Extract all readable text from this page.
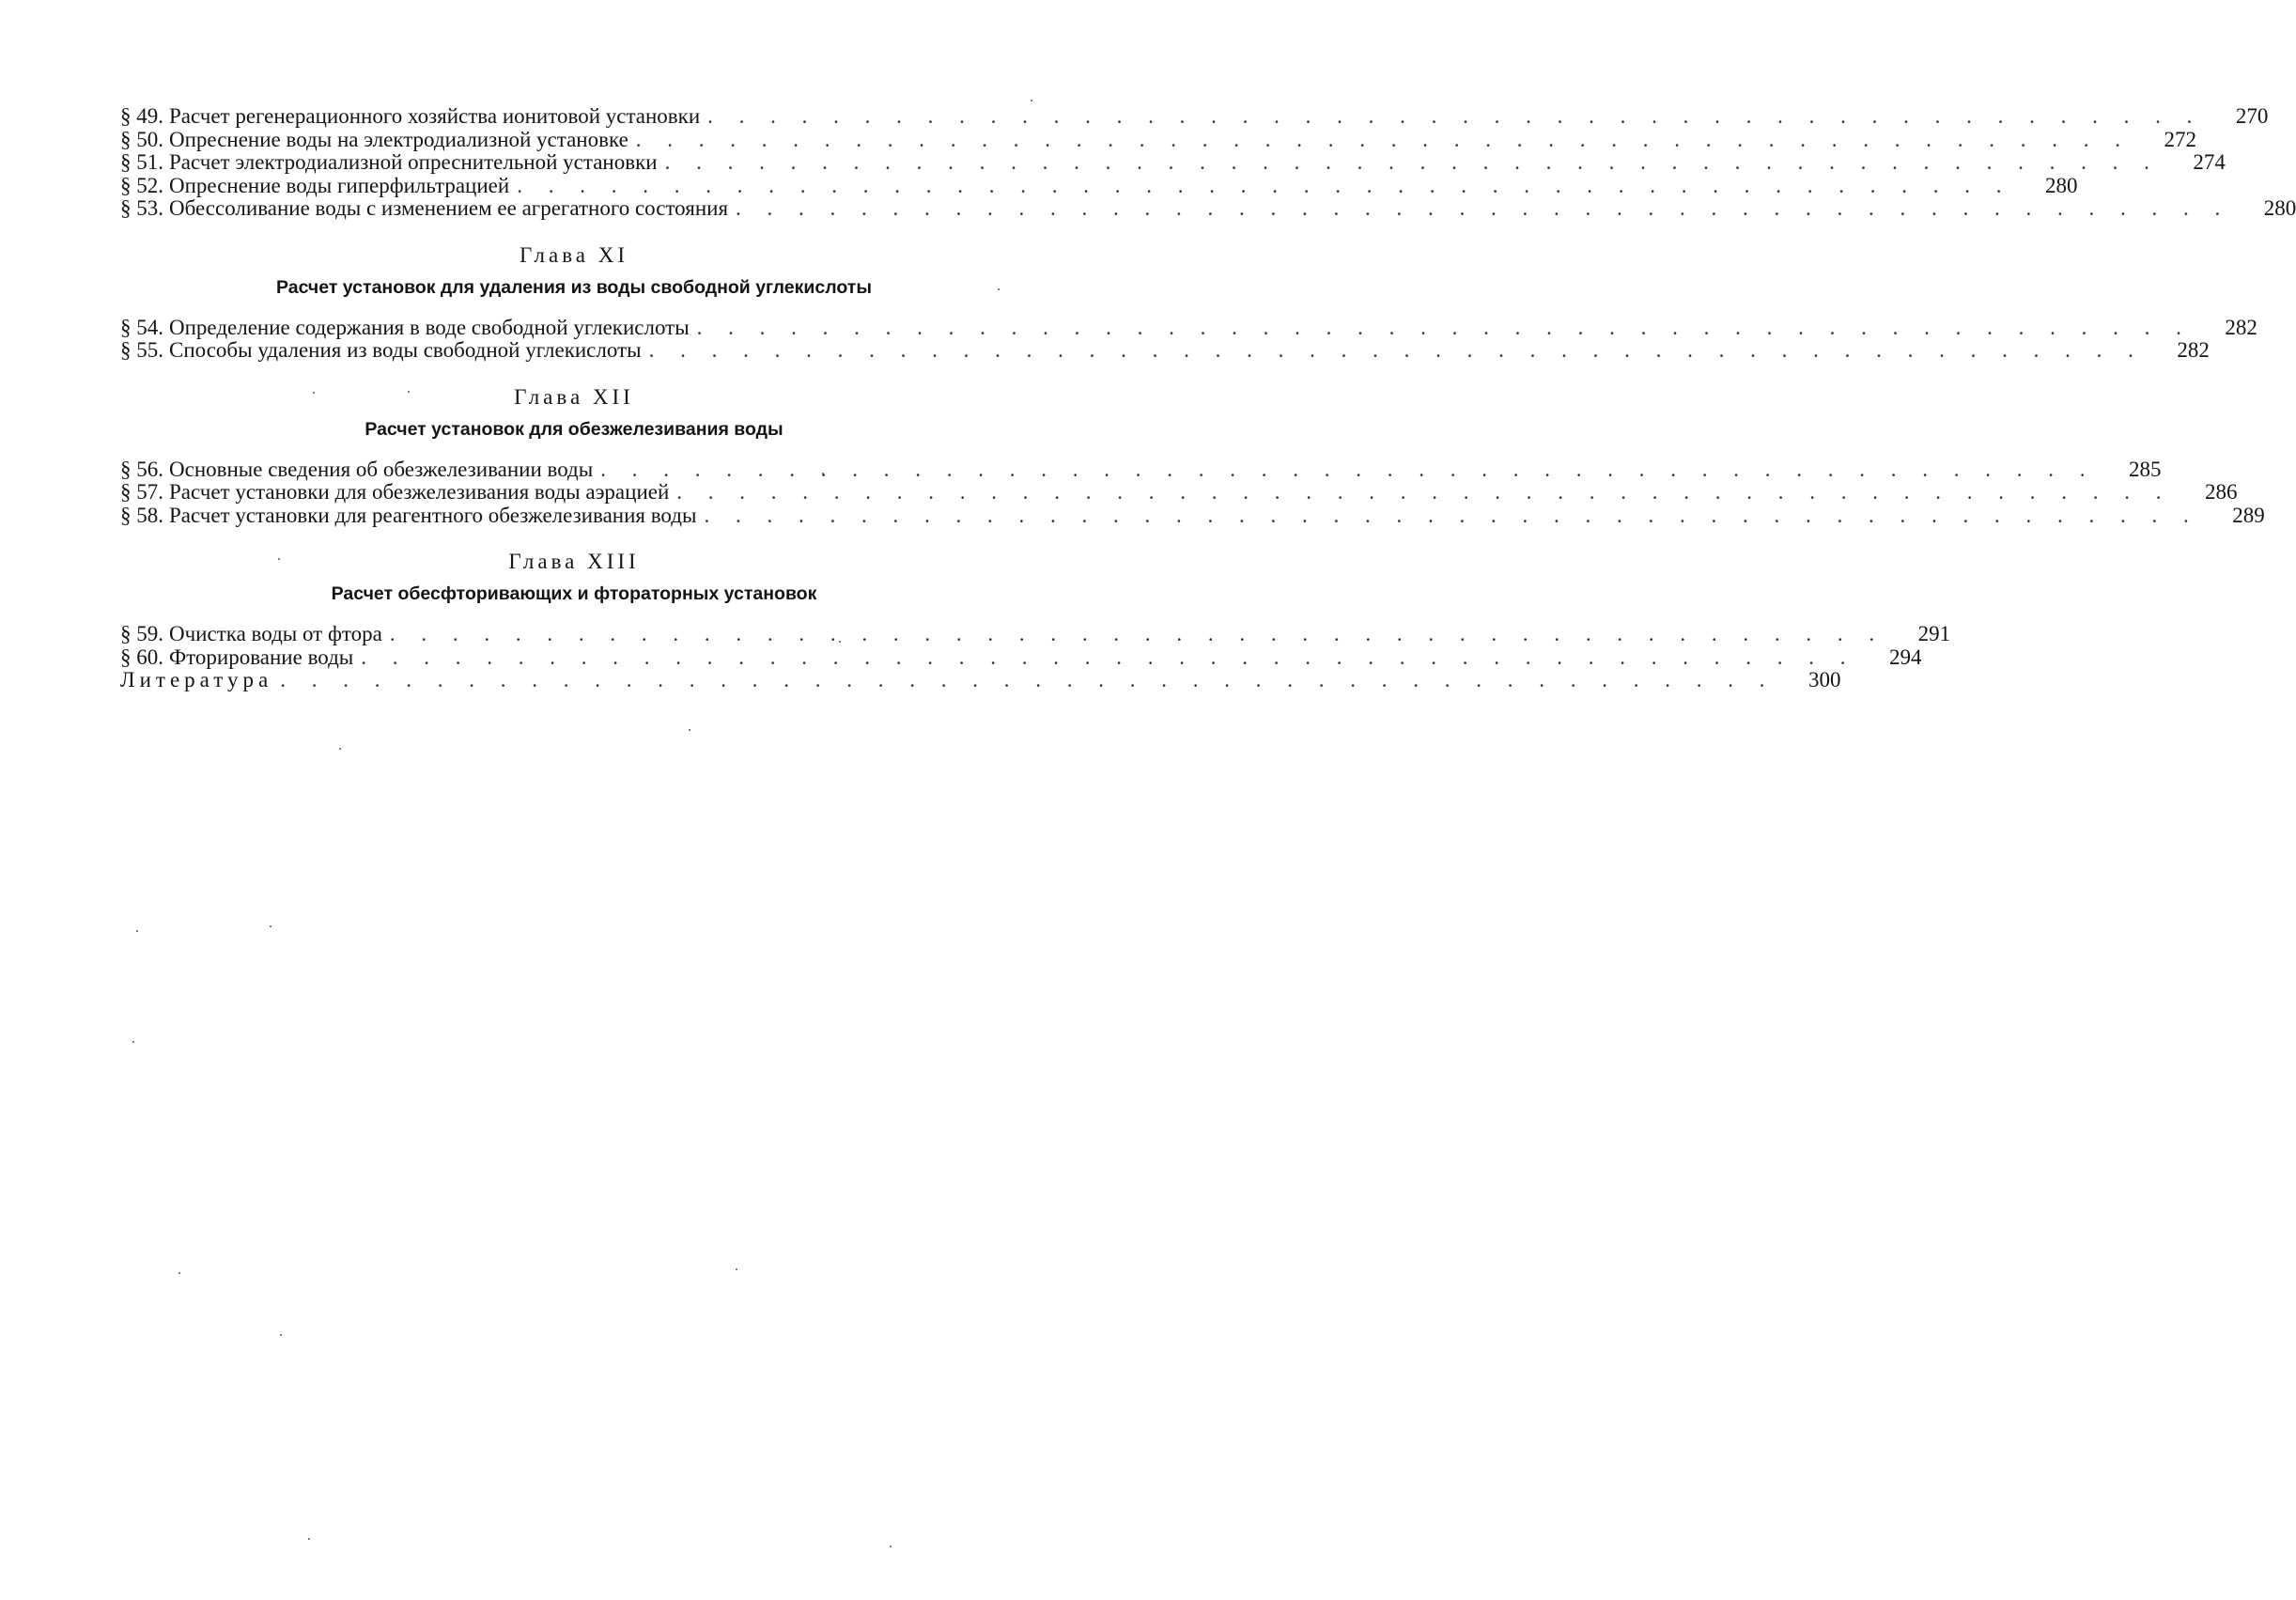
§ 49. Расчет регенерационного хозяйства ионитовой установки . . .	270
§ 50. Опреснение воды на электродиализной установке . . .	272
§ 51. Расчет электродиализной опреснительной установки . . .	274
§ 52. Опреснение воды гиперфильтрацией . . .	280
§ 53. Обессоливание воды с изменением ее агрегатного состояния . . .	280
Глава XI
Расчет установок для удаления из воды свободной углекислоты
§ 54. Определение содержания в воде свободной углекислоты . . .	282
§ 55. Способы удаления из воды свободной углекислоты . . .	282
Глава XII
Расчет установок для обезжелезивания воды
§ 56. Основные сведения об обезжелезивании воды . . .	285
§ 57. Расчет установки для обезжелезивания воды аэрацией . . .	286
§ 58. Расчет установки для реагентного обезжелезивания воды . . .	289
Глава XIII
Расчет обесфторивающих и фтораторных установок
§ 59. Очистка воды от фтора . . .	291
§ 60. Фторирование воды . . .	294
Литература . . .	300
